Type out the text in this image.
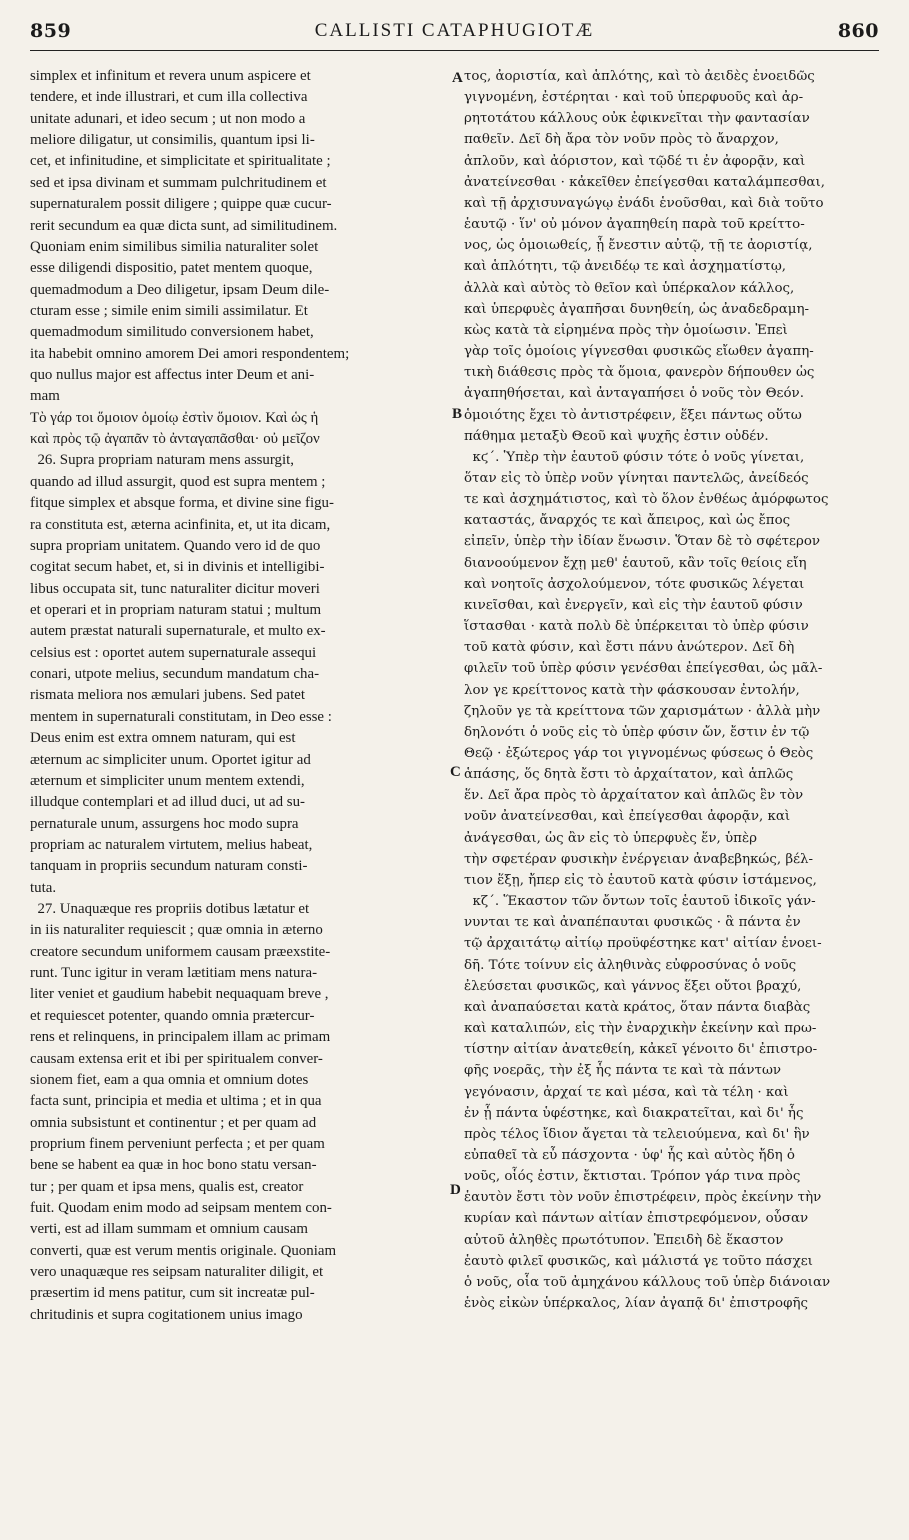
859	CALLISTI CATAPHUGIOTÆ	860
simplex et infinitum et revera unum aspicere et
tendere, et inde illustrari, et cum illa collectiva
unitate adunari, et ideo secum ; ut non modo a
meliore diligatur, ut consimilis, quantum ipsi li-
cet, et infinitudine, et simplicitate et spiritualitate ;
sed et ipsa divinam et summam pulchritudinem et
supernaturalem possit diligere ; quippe quæ cucur-
rerit secundum ea quæ dicta sunt, ad similitudinem.
Quoniam enim similibus similia naturaliter solet
esse diligendi dispositio, patet mentem quoque,
quemadmodum a Deo diligetur, ipsam Deum dile-
cturam esse ; simile enim simili assimilatur. Et
quemadmodum similitudo conversionem habet,
ita habebit omnino amorem Dei amori respondentem;
quo nullus major est affectus inter Deum et ani-
mam
Τὸ γάρ τοι ὅμοιον ὁμοίῳ ἐστὶν ὅμοιον. Καὶ ὡς ἡ
καὶ πρὸς τῷ ἀγαπᾶν τὸ ἀνταγαπᾶσθαι· οὐ μεῖζον
26. Supra propriam naturam mens assurgit,
quando ad illud assurgit, quod est supra mentem ;
fitque simplex et absque forma, et divine sine figu-
ra constituta est, æterna acinfinita, et, ut ita dicam,
supra propriam unitatem. Quando vero id de quo
cogitat secum habet, et, si in divinis et intelligibi-
libus occupata sit, tunc naturaliter dicitur moveri
et operari et in propriam naturam statui ; multum
autem præstat naturali supernaturale, et multo ex-
celsius est : oportet autem supernaturale assequi
conari, utpote melius, secundum mandatum cha-
rismata meliora nos æmulari jubens. Sed patet
mentem in supernaturali constitutam, in Deo esse :
Deus enim est extra omnem naturam, qui est
æternum ac simpliciter unum. Oportet igitur ad
æternum et simpliciter unum mentem extendi,
illudque contemplari et ad illud duci, ut ad su-
pernaturale unum, assurgens hoc modo supra
propriam ac naturalem virtutem, melius habeat,
tanquam in propriis secundum naturam consti-
tuta.
27. Unaquæque res propriis dotibus lætatur et
in iis naturaliter requiescit ; quæ omnia in æterno
creatore secundum uniformem causam præexstite-
runt. Tunc igitur in veram lætitiam mens natura-
liter veniet et gaudium habebit nequaquam breve ,
et requiescet potenter, quando omnia prætercur-
rens et relinquens, in principalem illam ac primam
causam extensa erit et ibi per spiritualem conver-
sionem fiet, eam a qua omnia et omnium dotes
facta sunt, principia et media et ultima ; et in qua
omnia subsistunt et continentur ; et per quam ad
proprium finem perveniunt perfecta ; et per quam
bene se habent ea quæ in hoc bono statu versan-
tur ; per quam et ipsa mens, qualis est, creator
fuit. Quodam enim modo ad seipsam mentem con-
verti, est ad illam summam et omnium causam
converti, quæ est verum mentis originale. Quoniam
vero unaquæque res seipsam naturaliter diligit, et
præsertim id mens patitur, cum sit increatæ pul-
chritudinis et supra cogitationem unius imago
τος, ἀοριστία, καὶ ἁπλότης, καὶ τὸ ἀειδὲς ἑνοειδῶς
γιγνομένη, ἐστέρηται · καὶ τοῦ ὑπερφυοῦς καὶ ἀρ-
ρητοτάτου κάλλους οὐκ ἐφικνεῖται τὴν φαντασίαν
παθεῖν. Δεῖ δὴ ἄρα τὸν νοῦν πρὸς τὸ ἄναρχον,
ἁπλοῦν, καὶ ἀόριστον, καὶ τῷδέ τι ἐν ἀφορᾷν, καὶ
ἀνατείνεσθαι · κἀκεῖθεν ἐπείγεσθαι καταλάμπεσθαι,
καὶ τῇ ἀρχισυναγώγῳ ἐνάδι ἑνοῦσθαι, καὶ διὰ τοῦτο
ἑαυτῷ · ἵν' οὐ μόνον ἀγαπηθείη παρὰ τοῦ κρείττο-
νος, ὡς ὁμοιωθείς, ᾗ ἔνεστιν αὐτῷ, τῇ τε ἀοριστίᾳ,
καὶ ἁπλότητι, τῷ ἀνειδέῳ τε καὶ ἀσχηματίστῳ,
ἀλλὰ καὶ αὐτὸς τὸ θεῖον καὶ ὑπέρκαλον κάλλος,
καὶ ὑπερφυὲς ἀγαπῆσαι δυνηθείη, ὡς ἀναδεδραμη-
κὼς κατὰ τὰ εἰρημένα πρὸς τὴν ὁμοίωσιν. Ἐπεὶ
γὰρ τοῖς ὁμοίοις γίγνεσθαι φυσικῶς εἴωθεν ἀγαπη-
τικὴ διάθεσις πρὸς τὰ ὅμοια, φανερὸν δήπουθεν ὡς
ἀγαπηθήσεται, καὶ ἀνταγαπήσει ὁ νοῦς τὸν Θεόν.
ὁμοιότης ἔχει τὸ ἀντιστρέφειν, ἕξει πάντως οὕτω
πάθημα μεταξὺ Θεοῦ καὶ ψυχῆς ἐστιν οὐδέν.
κϛ΄. Ὑπὲρ τὴν ἑαυτοῦ φύσιν τότε ὁ νοῦς γίνεται,
ὅταν εἰς τὸ ὑπὲρ νοῦν γίνηται παντελῶς, ἀνείδεός
τε καὶ ἀσχημάτιστος, καὶ τὸ ὅλον ἐνθέως ἀμόρφωτος
καταστάς, ἄναρχός τε καὶ ἄπειρος, καὶ ὡς ἔπος
εἰπεῖν, ὑπὲρ τὴν ἰδίαν ἕνωσιν. Ὅταν δὲ τὸ σφέτερον
διανοούμενον ἔχῃ μεθ' ἑαυτοῦ, κἂν τοῖς θείοις εἴη
καὶ νοητοῖς ἀσχολούμενον, τότε φυσικῶς λέγεται
κινεῖσθαι, καὶ ἐνεργεῖν, καὶ εἰς τὴν ἑαυτοῦ φύσιν
ἵστασθαι · κατὰ πολὺ δὲ ὑπέρκειται τὸ ὑπὲρ φύσιν
τοῦ κατὰ φύσιν, καὶ ἔστι πάνυ ἀνώτερον. Δεῖ δὴ
φιλεῖν τοῦ ὑπὲρ φύσιν γενέσθαι ἐπείγεσθαι, ὡς μᾶλ-
λον γε κρείττονος κατὰ τὴν φάσκουσαν ἐντολήν,
ζηλοῦν γε τὰ κρείττονα τῶν χαρισμάτων · ἀλλὰ μὴν
δηλονότι ὁ νοῦς εἰς τὸ ὑπὲρ φύσιν ὤν, ἔστιν ἐν τῷ
Θεῷ · ἐξώτερος γάρ τοι γιγνομένως φύσεως ὁ Θεὸς
ἁπάσης, ὅς δητὰ ἔστι τὸ ἀρχαίτατον, καὶ ἁπλῶς
ἕν. Δεῖ ἄρα πρὸς τὸ ἀρχαίτατον καὶ ἁπλῶς ἓν τὸν
νοῦν ἀνατείνεσθαι, καὶ ἐπείγεσθαι ἀφορᾷν, καὶ
ἀνάγεσθαι, ὡς ἂν εἰς τὸ ὑπερφυὲς ἕν, ὑπὲρ
τὴν σφετέραν φυσικὴν ἐνέργειαν ἀναβεβηκώς, βέλ-
τιον ἕξῃ, ἤπερ εἰς τὸ ἑαυτοῦ κατὰ φύσιν ἱστάμενος,
κζ΄. Ἕκαστον τῶν ὄντων τοῖς ἑαυτοῦ ἰδικοῖς γάν-
νυνται τε καὶ ἀναπέπαυται φυσικῶς · ἃ πάντα ἐν
τῷ ἀρχαιτάτῳ αἰτίῳ προϋφέστηκε κατ' αἰτίαν ἑνοει-
δῆ. Τότε τοίνυν εἰς ἀληθινὰς εὐφροσύνας ὁ νοῦς
ἐλεύσεται φυσικῶς, καὶ γάννος ἕξει οὔτοι βραχύ,
καὶ ἀναπαύσεται κατὰ κράτος, ὅταν πάντα διαβὰς
καὶ καταλιπών, εἰς τὴν ἐναρχικὴν ἐκείνην καὶ πρω-
τίστην αἰτίαν ἀνατεθείη, κἀκεῖ γένοιτο δι' ἐπιστρο-
φῆς νοερᾶς, τὴν ἐξ ἧς πάντα τε καὶ τὰ πάντων
γεγόνασιν, ἀρχαί τε καὶ μέσα, καὶ τὰ τέλη · καὶ
ἐν ᾗ πάντα ὑφέστηκε, καὶ διακρατεῖται, καὶ δι' ἧς
πρὸς τέλος ἴδιον ἄγεται τὰ τελειούμενα, καὶ δι' ἣν
εὐπαθεῖ τὰ εὖ πάσχοντα · ὑφ' ἧς καὶ αὐτὸς ἤδη ὁ
νοῦς, οἷός ἐστιν, ἔκτισται. Τρόπον γάρ τινα πρὸς
ἑαυτὸν ἔστι τὸν νοῦν ἐπιστρέφειν, πρὸς ἐκείνην τὴν
κυρίαν καὶ πάντων αἰτίαν ἐπιστρεφόμενον, οὖσαν
αὐτοῦ ἀληθὲς πρωτότυπον. Ἐπειδὴ δὲ ἕκαστον
ἑαυτὸ φιλεῖ φυσικῶς, καὶ μάλιστά γε τοῦτο πάσχει
ὁ νοῦς, οἷα τοῦ ἀμηχάνου κάλλους τοῦ ὑπὲρ διάνοιαν
ἑνὸς εἰκὼν ὑπέρκαλος, λίαν ἀγαπᾷ δι' ἐπιστροφῆς
A
B
C
D
